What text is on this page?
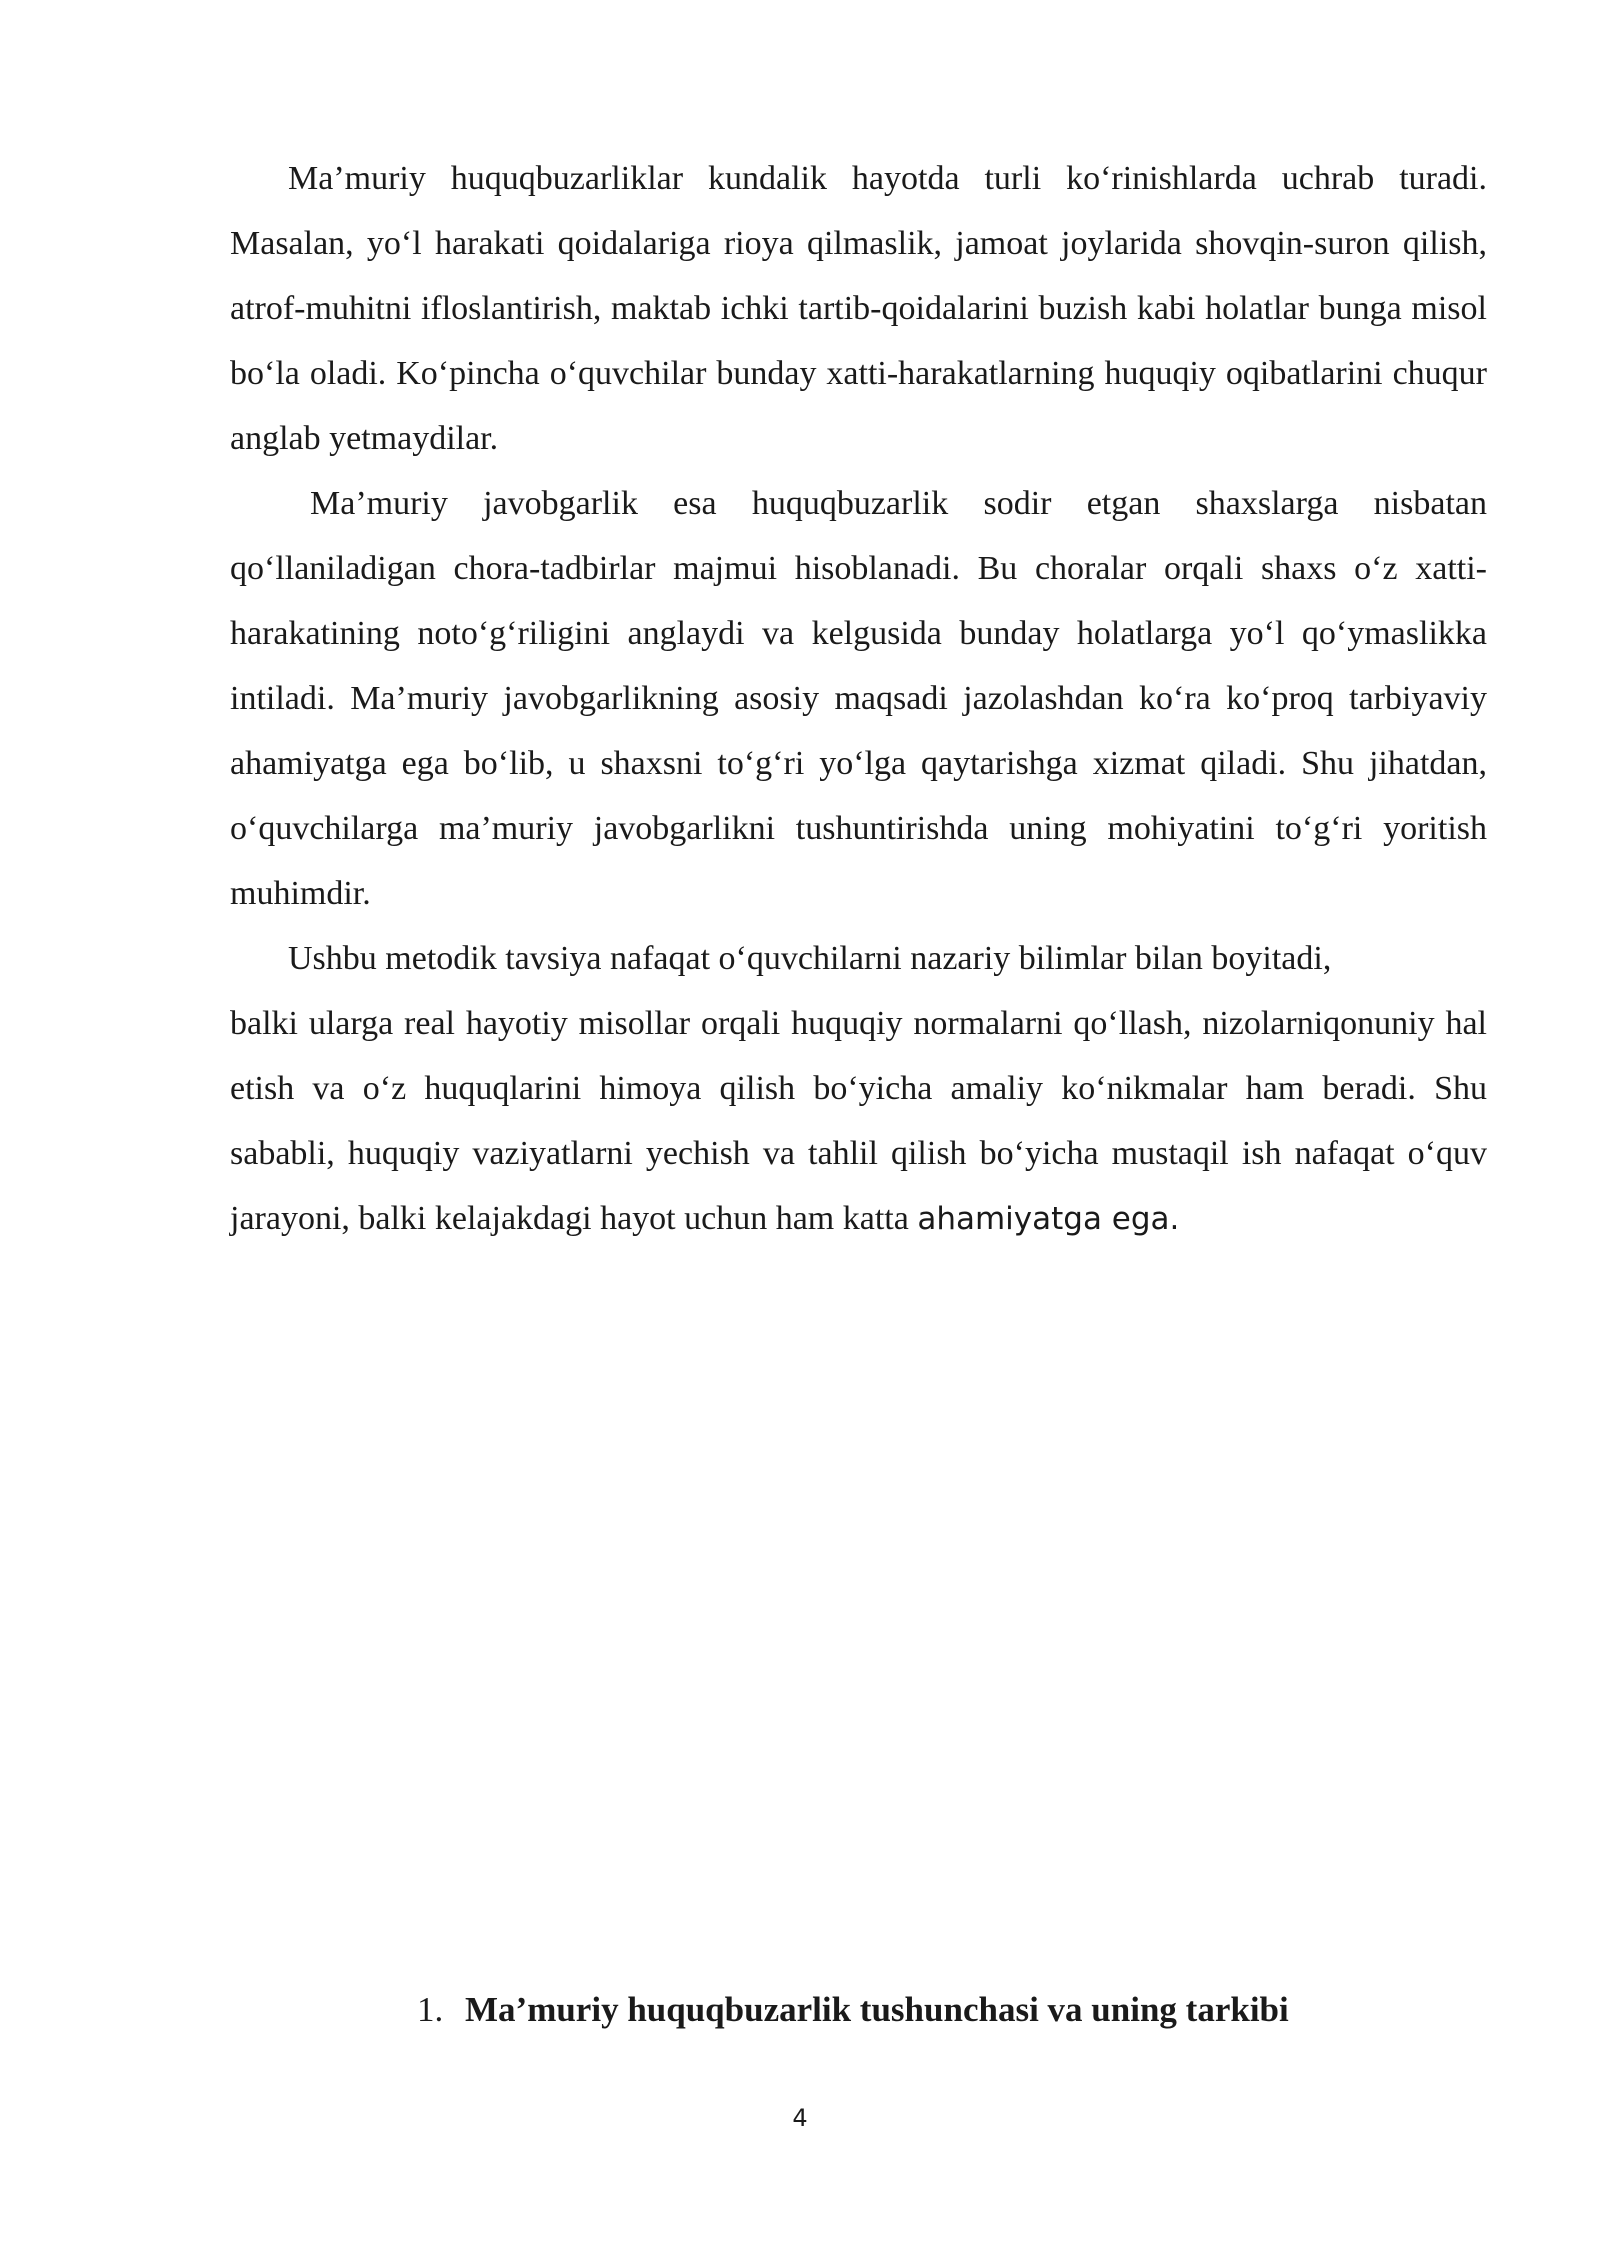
Ma’muriy huquqbuzarliklar kundalik hayotda turli ko‘rinishlarda uchrab turadi. Masalan, yo‘l harakati qoidalariga rioya qilmaslik, jamoat joylarida shovqin-suron qilish, atrof-muhitni ifloslantirish, maktab ichki tartib-qoidalarini buzish kabi holatlar bunga misol bo‘la oladi. Ko‘pincha o‘quvchilar bunday xatti-harakatlarning huquqiy oqibatlarini chuqur anglab yetmaydilar.

Ma’muriy javobgarlik esa huquqbuzarlik sodir etgan shaxslarga nisbatan qo‘llaniladigan chora-tadbirlar majmui hisoblanadi. Bu choralar orqali shaxs o‘z xatti-harakatining noto‘g‘riligini anglaydi va kelgusida bunday holatlarga yo‘l qo‘ymaslikka intiladi. Ma’muriy javobgarlikning asosiy maqsadi jazolashdan ko‘ra ko‘proq tarbiyaviy ahamiyatga ega bo‘lib, u shaxsni to‘g‘ri yo‘lga qaytarishga xizmat qiladi. Shu jihatdan, o‘quvchilarga ma’muriy javobgarlikni tushuntirishda uning mohiyatini to‘g‘ri yoritish muhimdir.

Ushbu metodik tavsiya nafaqat o‘quvchilarni nazariy bilimlar bilan boyitadi,

balki ularga real hayotiy misollar orqali huquqiy normalarni qo‘llash, nizolarniqonuniy hal etish va o‘z huquqlarini himoya qilish bo‘yicha amaliy ko‘nikmalar ham beradi. Shu sababli, huquqiy vaziyatlarni yechish va tahlil qilish bo‘yicha mustaqil ish nafaqat o‘quv jarayoni, balki kelajakdagi hayot uchun ham katta ahamiyatga ega.

1. Ma’muriy huquqbuzarlik tushunchasi va uning tarkibi
4
